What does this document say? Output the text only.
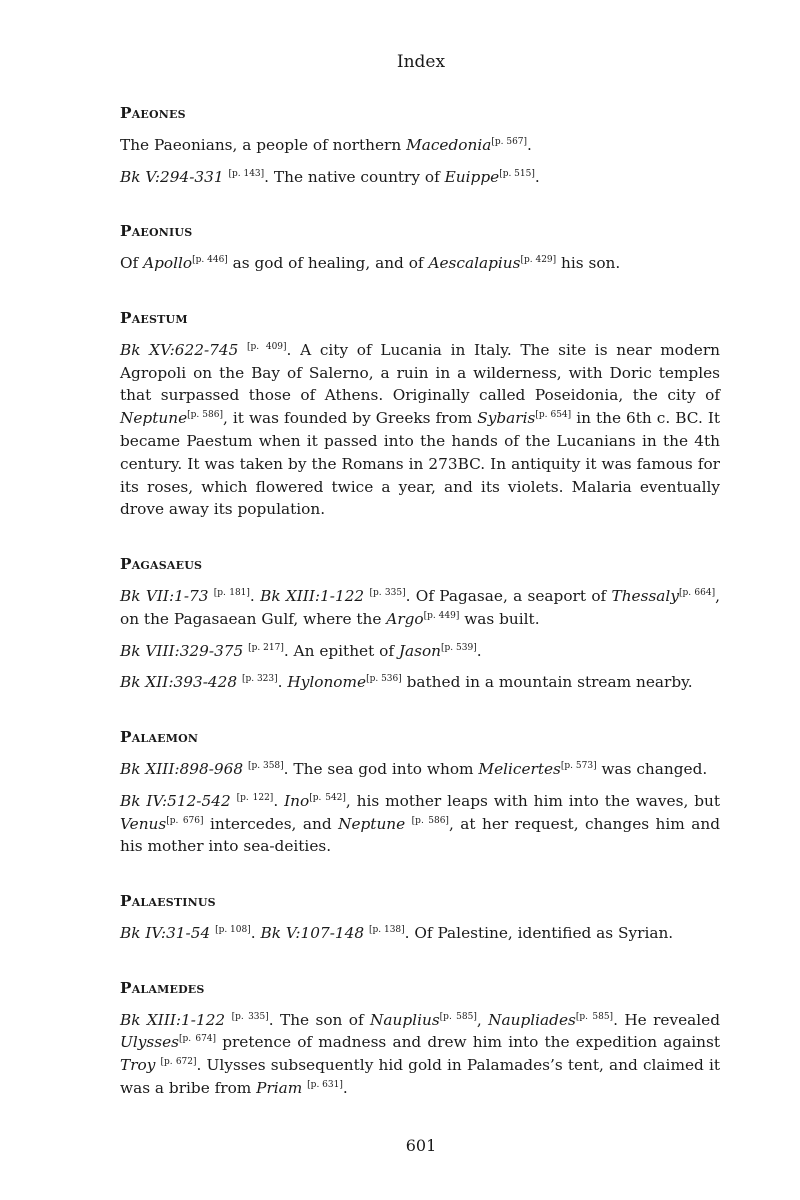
Index
Paeones
The Paeonians, a people of northern Macedonia[p. 567].
Bk V:294-331 [p. 143]. The native country of Euippe[p. 515].
Paeonius
Of Apollo[p. 446] as god of healing, and of Aescalapius[p. 429] his son.
Paestum
Bk XV:622-745 [p. 409]. A city of Lucania in Italy. The site is near modern Agropoli on the Bay of Salerno, a ruin in a wilderness, with Doric temples that surpassed those of Athens. Originally called Poseidonia, the city of Neptune[p. 586], it was founded by Greeks from Sybaris[p. 654] in the 6th c. BC. It became Paestum when it passed into the hands of the Lucanians in the 4th century. It was taken by the Romans in 273BC. In antiquity it was famous for its roses, which flowered twice a year, and its violets. Malaria eventually drove away its population.
Pagasaeus
Bk VII:1-73 [p. 181]. Bk XIII:1-122 [p. 335]. Of Pagasae, a seaport of Thessaly[p. 664], on the Pagasaean Gulf, where the Argo[p. 449] was built.
Bk VIII:329-375 [p. 217]. An epithet of Jason[p. 539].
Bk XII:393-428 [p. 323]. Hylonome[p. 536] bathed in a mountain stream nearby.
Palaemon
Bk XIII:898-968 [p. 358]. The sea god into whom Melicertes[p. 573] was changed.
Bk IV:512-542 [p. 122]. Ino[p. 542], his mother leaps with him into the waves, but Venus[p. 676] intercedes, and Neptune [p. 586], at her request, changes him and his mother into sea-deities.
Palaestinus
Bk IV:31-54 [p. 108]. Bk V:107-148 [p. 138]. Of Palestine, identified as Syrian.
Palamedes
Bk XIII:1-122 [p. 335]. The son of Nauplius[p. 585], Naupliades[p. 585]. He revealed Ulysses[p. 674] pretence of madness and drew him into the expedition against Troy [p. 672]. Ulysses subsequently hid gold in Palamades’s tent, and claimed it was a bribe from Priam [p. 631].
601
